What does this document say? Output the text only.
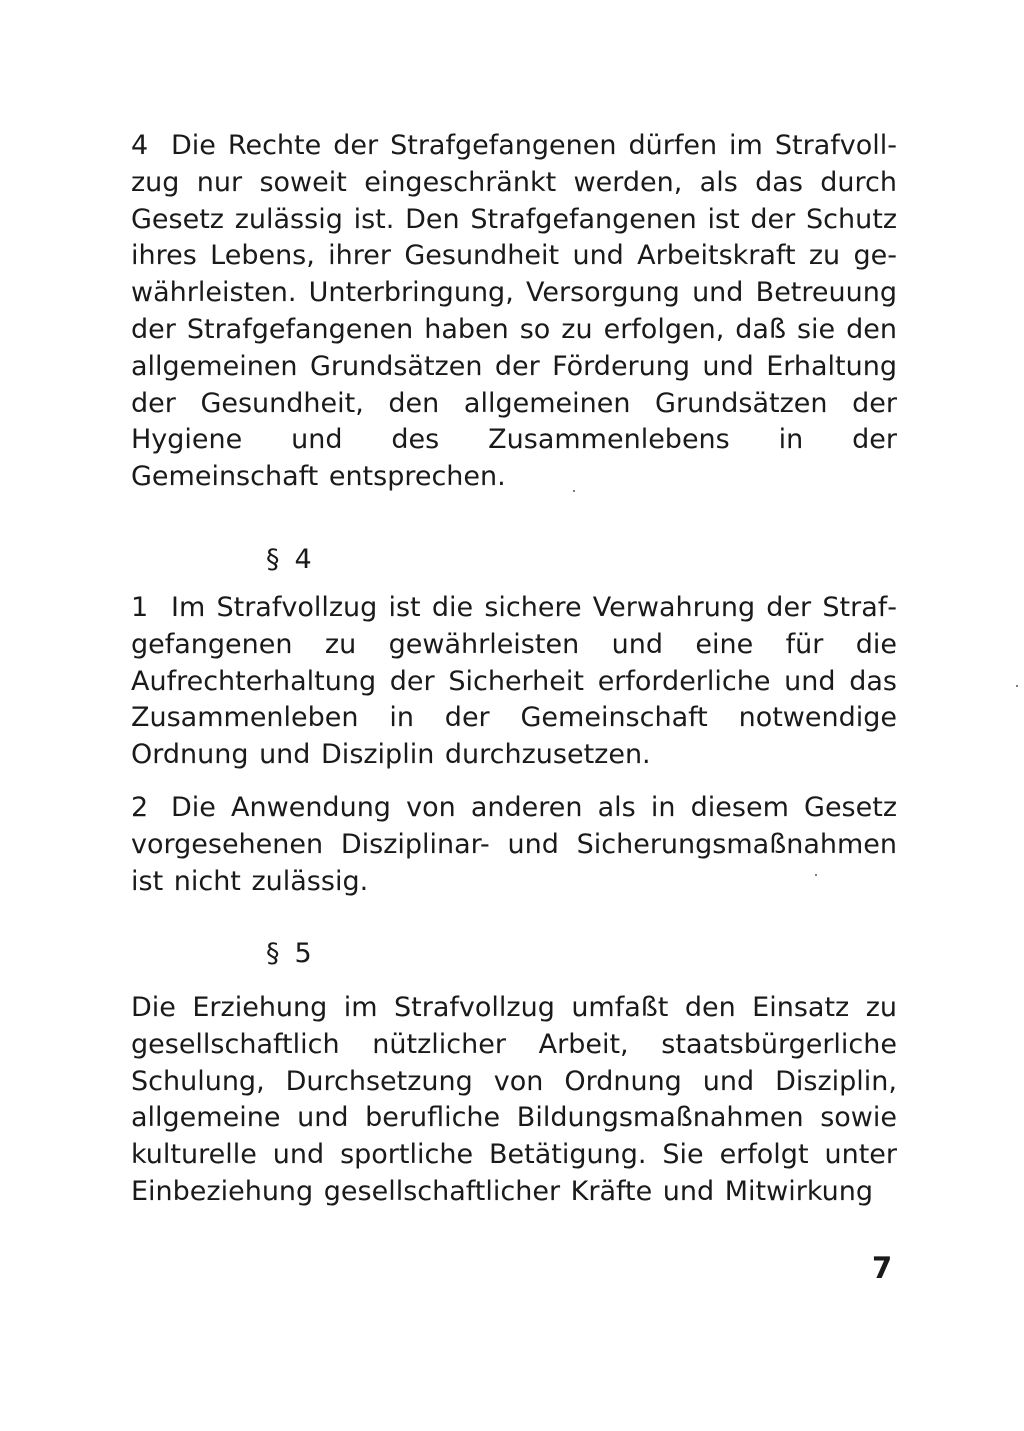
4 Die Rechte der Strafgefangenen dürfen im Strafvollzug nur soweit eingeschränkt werden, als das durch Gesetz zulässig ist. Den Strafgefangenen ist der Schutz ihres Lebens, ihrer Gesundheit und Arbeitskraft zu gewährleisten. Unterbringung, Versorgung und Betreuung der Strafgefangenen haben so zu erfolgen, daß sie den allgemeinen Grundsätzen der Förderung und Erhaltung der Gesundheit, den allgemeinen Grundsätzen der Hygiene und des Zusammenlebens in der Gemeinschaft entsprechen.

§ 4

1 Im Strafvollzug ist die sichere Verwahrung der Strafgefangenen zu gewährleisten und eine für die Aufrechterhaltung der Sicherheit erforderliche und das Zusammenleben in der Gemeinschaft notwendige Ordnung und Disziplin durchzusetzen.

2 Die Anwendung von anderen als in diesem Gesetz vorgesehenen Disziplinar- und Sicherungsmaßnahmen ist nicht zulässig.

§ 5

Die Erziehung im Strafvollzug umfaßt den Einsatz zu gesellschaftlich nützlicher Arbeit, staatsbürgerliche Schulung, Durchsetzung von Ordnung und Disziplin, allgemeine und berufliche Bildungsmaßnahmen sowie kulturelle und sportliche Betätigung. Sie erfolgt unter Einbeziehung gesellschaftlicher Kräfte und Mitwirkung

7
